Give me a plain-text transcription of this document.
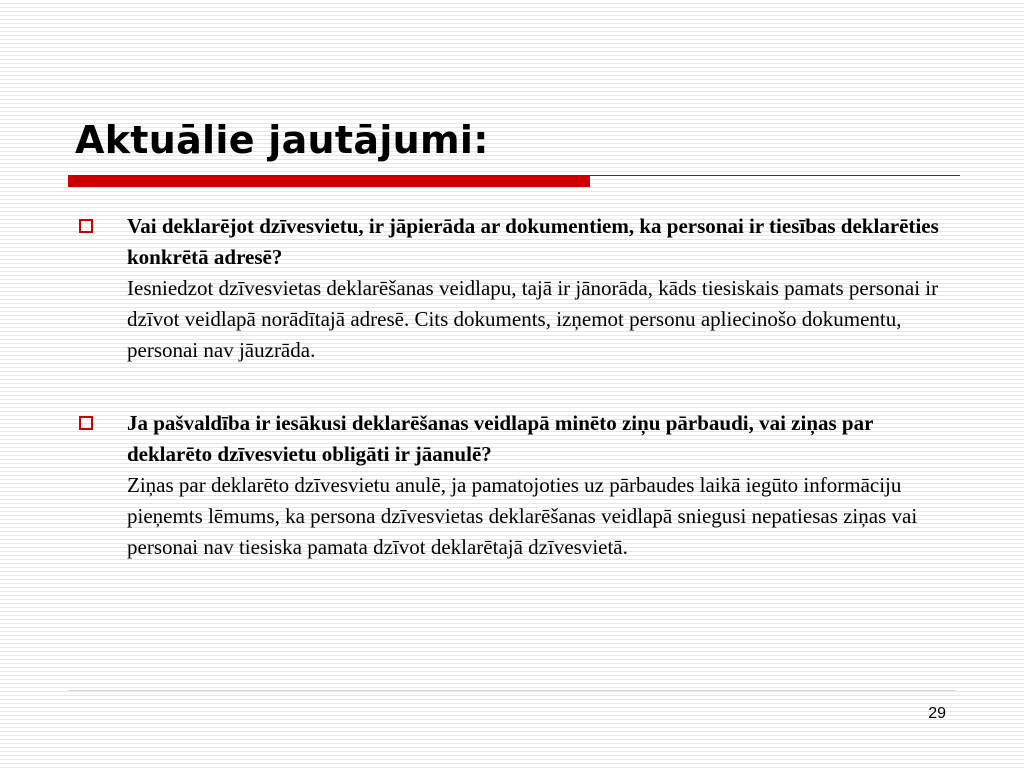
Aktuālie jautājumi:
Vai deklarējot dzīvesvietu, ir jāpierāda ar dokumentiem, ka personai ir tiesības deklarēties konkrētā adresē?
Iesniedzot dzīvesvietas deklarēšanas veidlapu, tajā ir jānorāda, kāds tiesiskais pamats personai ir dzīvot veidlapā norādītajā adresē. Cits dokuments, izņemot personu apliecinošo dokumentu, personai nav jāuzrāda.
Ja pašvaldība ir iesākusi deklarēšanas veidlapā minēto ziņu pārbaudi, vai ziņas par deklarēto dzīvesvietu obligāti ir jāanulē?
Ziņas par deklarēto dzīvesvietu anulē, ja pamatojoties uz pārbaudes laikā iegūto informāciju pieņemts lēmums, ka persona dzīvesvietas deklarēšanas veidlapā sniegusi nepatiesas ziņas vai personai nav tiesiska pamata dzīvot deklarētajā dzīvesvietā.
29
